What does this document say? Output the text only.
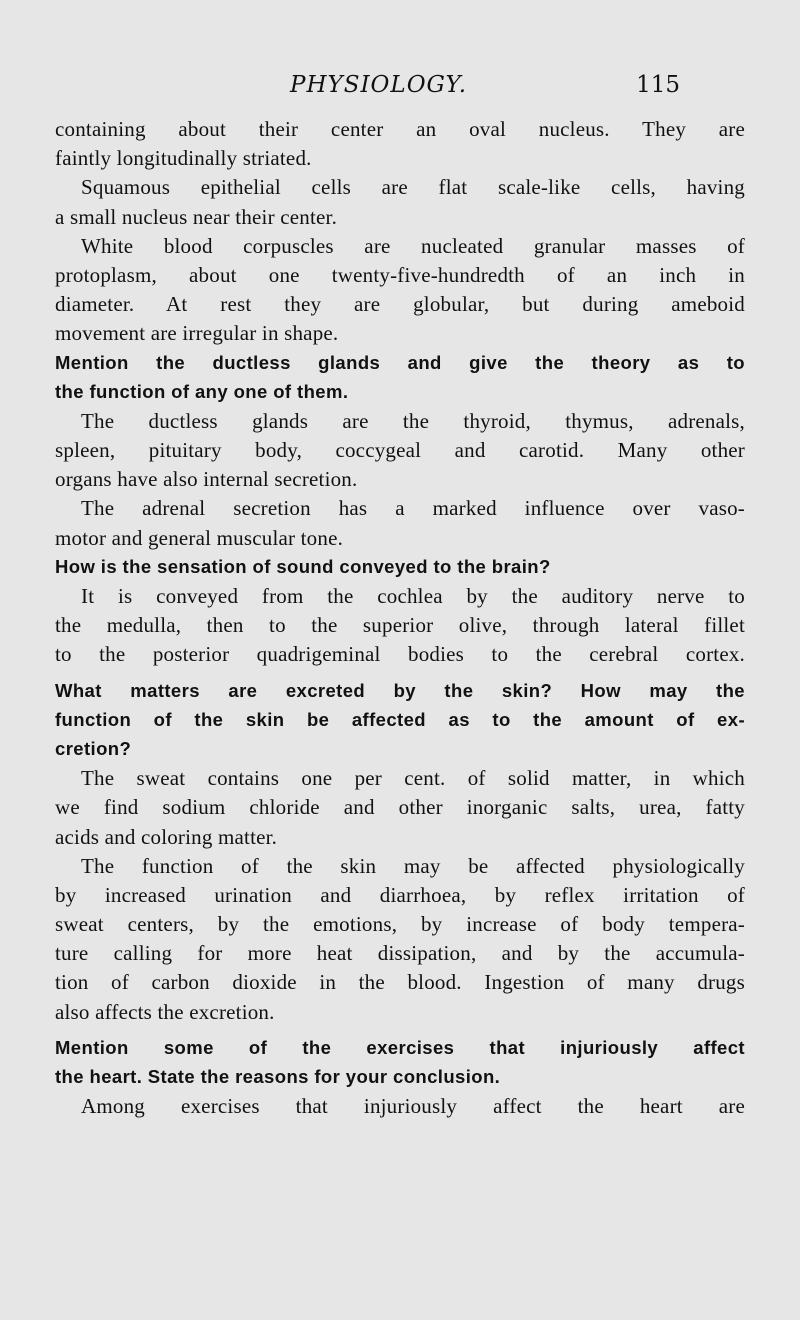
PHYSIOLOGY.	115
containing about their center an oval nucleus. They are
faintly longitudinally striated.
Squamous epithelial cells are flat scale-like cells, having
a small nucleus near their center.
White blood corpuscles are nucleated granular masses of
protoplasm, about one twenty-five-hundredth of an inch in
diameter. At rest they are globular, but during ameboid
movement are irregular in shape.
Mention the ductless glands and give the theory as to
the function of any one of them.
The ductless glands are the thyroid, thymus, adrenals,
spleen, pituitary body, coccygeal and carotid. Many other
organs have also internal secretion.
The adrenal secretion has a marked influence over vaso-
motor and general muscular tone.
How is the sensation of sound conveyed to the brain?
It is conveyed from the cochlea by the auditory nerve to
the medulla, then to the superior olive, through lateral fillet
to the posterior quadrigeminal bodies to the cerebral cortex.
What matters are excreted by the skin? How may the
function of the skin be affected as to the amount of ex-
cretion?
The sweat contains one per cent. of solid matter, in which
we find sodium chloride and other inorganic salts, urea, fatty
acids and coloring matter.
The function of the skin may be affected physiologically
by increased urination and diarrhoea, by reflex irritation of
sweat centers, by the emotions, by increase of body tempera-
ture calling for more heat dissipation, and by the accumula-
tion of carbon dioxide in the blood. Ingestion of many drugs
also affects the excretion.
Mention some of the exercises that injuriously affect
the heart. State the reasons for your conclusion.
Among exercises that injuriously affect the heart are
